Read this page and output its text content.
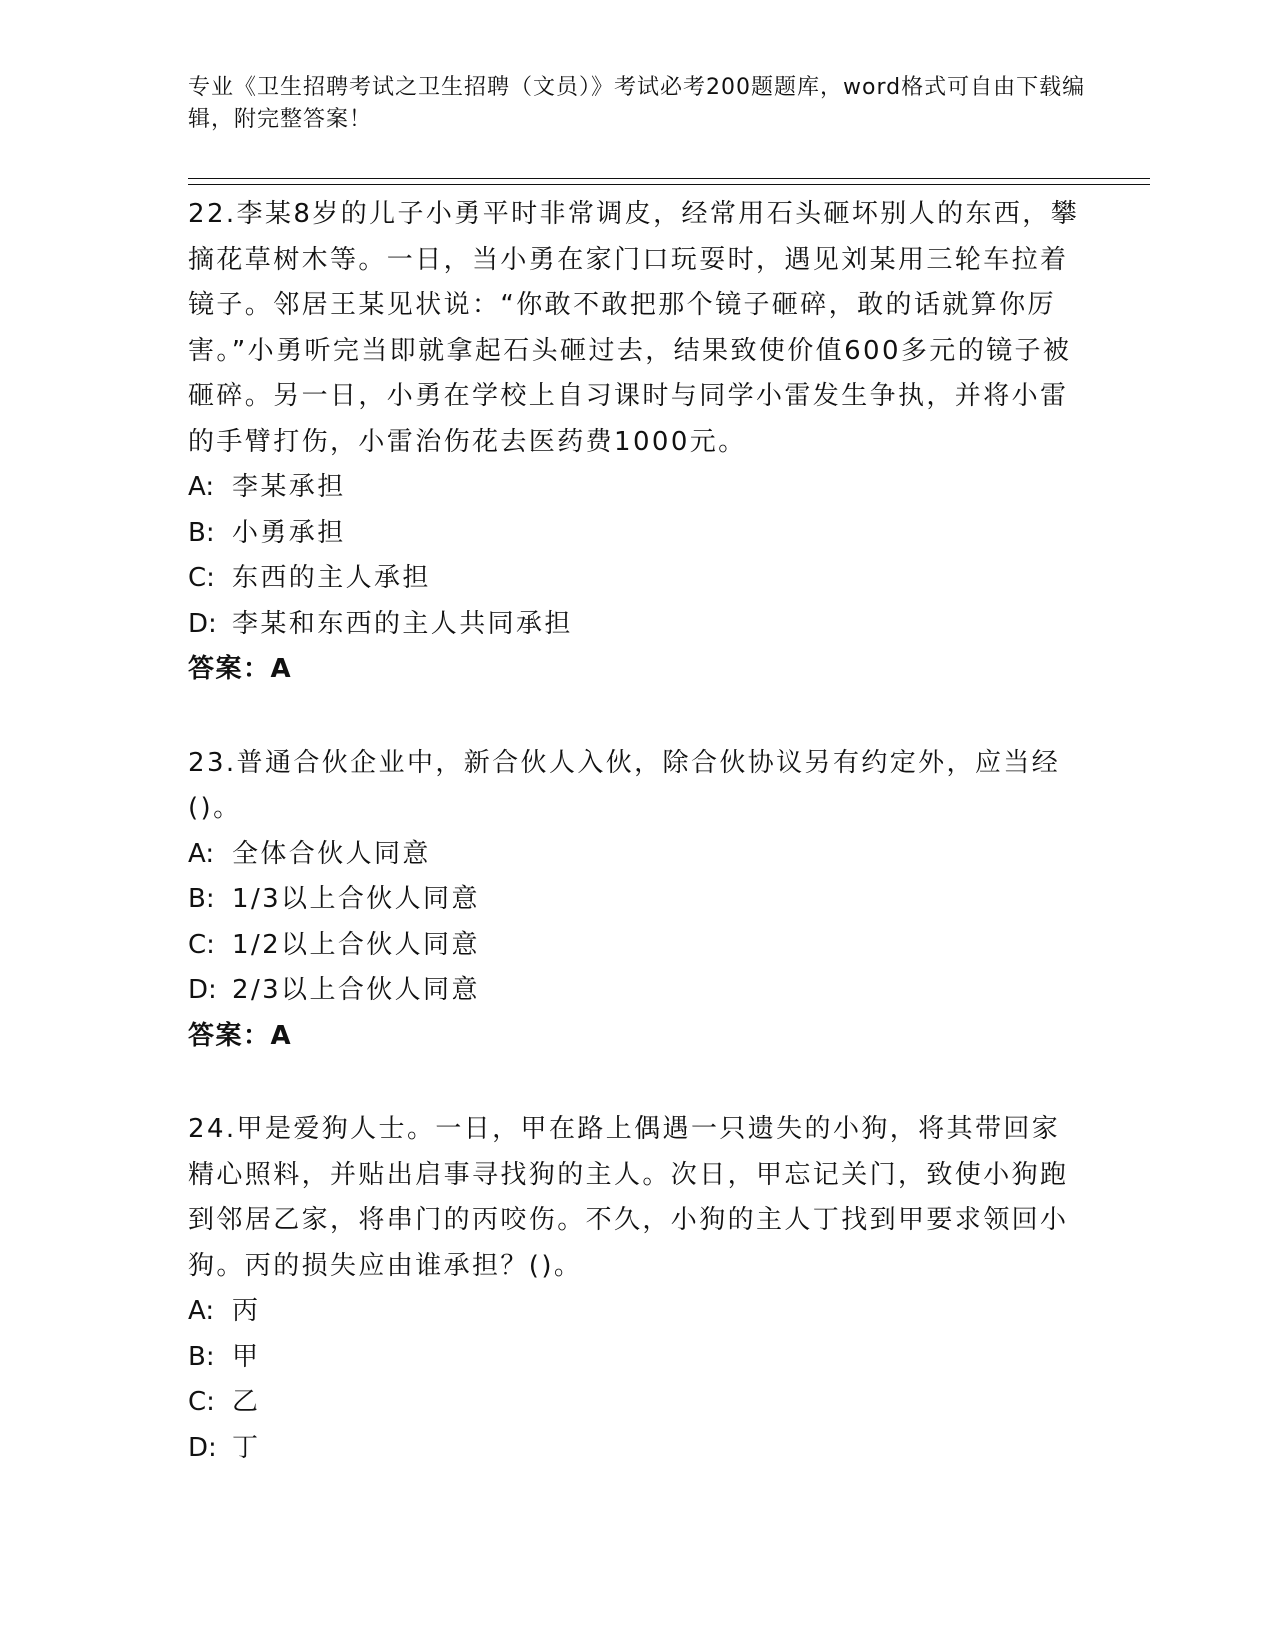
专业《卫生招聘考试之卫生招聘（文员）》考试必考200题题库，word格式可自由下载编辑，附完整答案！
22.李某8岁的儿子小勇平时非常调皮，经常用石头砸坏别人的东西，攀摘花草树木等。一日，当小勇在家门口玩耍时，遇见刘某用三轮车拉着镜子。邻居王某见状说：“你敢不敢把那个镜子砸碎，敢的话就算你厉害。”小勇听完当即就拿起石头砸过去，结果致使价值600多元的镜子被砸碎。另一日，小勇在学校上自习课时与同学小雷发生争执，并将小雷的手臂打伤，小雷治伤花去医药费1000元。
A: 李某承担
B: 小勇承担
C: 东西的主人承担
D: 李某和东西的主人共同承担
答案：A
23.普通合伙企业中，新合伙人入伙，除合伙协议另有约定外，应当经()。
A: 全体合伙人同意
B: 1/3以上合伙人同意
C: 1/2以上合伙人同意
D: 2/3以上合伙人同意
答案：A
24.甲是爱狗人士。一日，甲在路上偶遇一只遗失的小狗，将其带回家精心照料，并贴出启事寻找狗的主人。次日，甲忘记关门，致使小狗跑到邻居乙家，将串门的丙咬伤。不久，小狗的主人丁找到甲要求领回小狗。丙的损失应由谁承担？()。
A: 丙
B: 甲
C: 乙
D: 丁
